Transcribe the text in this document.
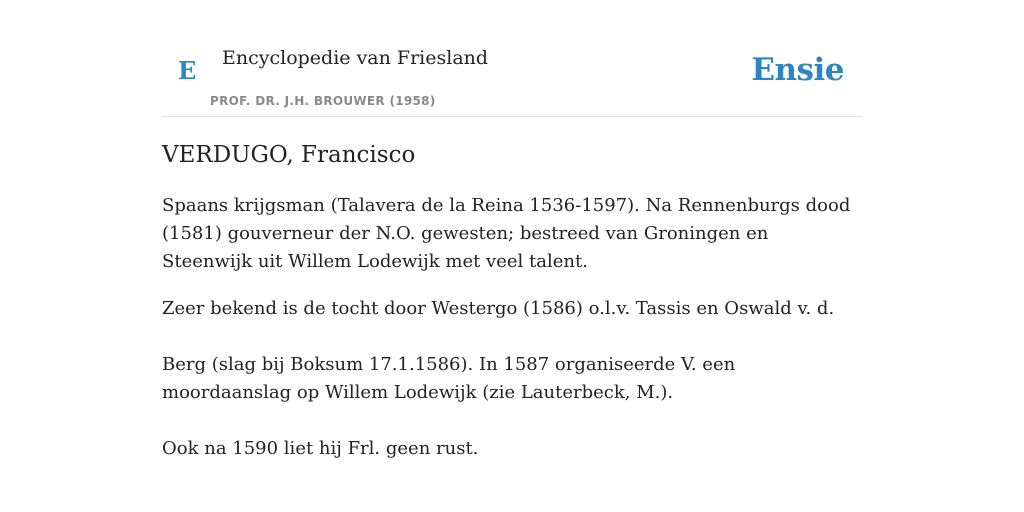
E Encyclopedie van Friesland
PROF. DR. J.H. BROUWER (1958)
Ensie
VERDUGO, Francisco

Spaans krijgsman (Talavera de la Reina 1536-1597). Na Rennenburgs dood (1581) gouverneur der N.O. gewesten; bestreed van Groningen en Steenwijk uit Willem Lodewijk met veel talent.

Zeer bekend is de tocht door Westergo (1586) o.l.v. Tassis en Oswald v. d.

Berg (slag bij Boksum 17.1.1586). In 1587 organiseerde V. een moordaanslag op Willem Lodewijk (zie Lauterbeck, M.).

Ook na 1590 liet hij Frl. geen rust.
